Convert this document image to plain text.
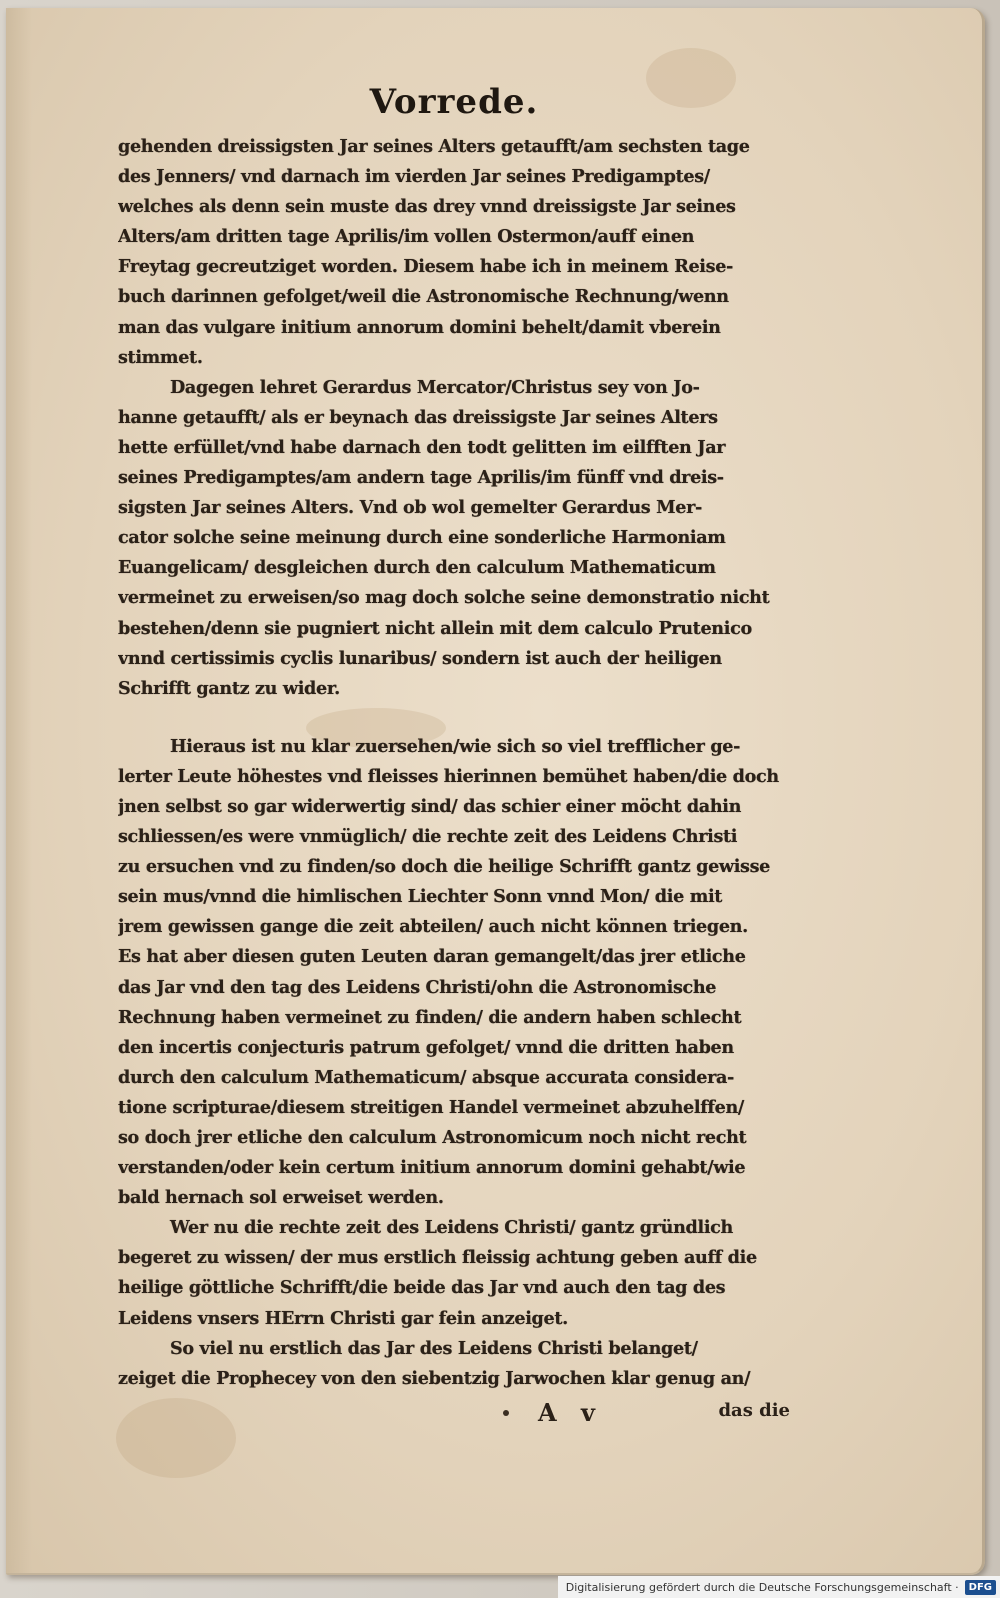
Vorrede.
gehenden dreissigsten Jar seines Alters getaufft/am sechsten tage
des Jenners/ vnd darnach im vierden Jar seines Predigamptes/
welches als denn sein muste das drey vnnd dreissigste Jar seines
Alters/am dritten tage Aprilis/im vollen Ostermon/auff einen
Freytag gecreutziget worden. Diesem habe ich in meinem Reise-
buch darinnen gefolget/weil die Astronomische Rechnung/wenn
man das vulgare initium annorum domini behelt/damit vberein
stimmet.
Dagegen lehret Gerardus Mercator/Christus sey von Jo-
hanne getaufft/ als er beynach das dreissigste Jar seines Alters
hette erfüllet/vnd habe darnach den todt gelitten im eilfften Jar
seines Predigamptes/am andern tage Aprilis/im fünff vnd dreis-
sigsten Jar seines Alters. Vnd ob wol gemelter Gerardus Mer-
cator solche seine meinung durch eine sonderliche Harmoniam
Euangelicam/ desgleichen durch den calculum Mathematicum
vermeinet zu erweisen/so mag doch solche seine demonstratio nicht
bestehen/denn sie pugniert nicht allein mit dem calculo Prutenico
vnnd certissimis cyclis lunaribus/ sondern ist auch der heiligen
Schrifft gantz zu wider.
Hieraus ist nu klar zuersehen/wie sich so viel trefflicher ge-
lerter Leute höhestes vnd fleisses hierinnen bemühet haben/die doch
jnen selbst so gar widerwertig sind/ das schier einer möcht dahin
schliessen/es were vnmüglich/ die rechte zeit des Leidens Christi
zu ersuchen vnd zu finden/so doch die heilige Schrifft gantz gewisse
sein mus/vnnd die himlischen Liechter Sonn vnnd Mon/ die mit
jrem gewissen gange die zeit abteilen/ auch nicht können triegen.
Es hat aber diesen guten Leuten daran gemangelt/das jrer etliche
das Jar vnd den tag des Leidens Christi/ohn die Astronomische
Rechnung haben vermeinet zu finden/ die andern haben schlecht
den incertis conjecturis patrum gefolget/ vnnd die dritten haben
durch den calculum Mathematicum/ absque accurata considera-
tione scripturae/diesem streitigen Handel vermeinet abzuhelffen/
so doch jrer etliche den calculum Astronomicum noch nicht recht
verstanden/oder kein certum initium annorum domini gehabt/wie
bald hernach sol erweiset werden.
Wer nu die rechte zeit des Leidens Christi/ gantz gründlich
begeret zu wissen/ der mus erstlich fleissig achtung geben auff die
heilige göttliche Schrifft/die beide das Jar vnd auch den tag des
Leidens vnsers HErrn Christi gar fein anzeiget.
So viel nu erstlich das Jar des Leidens Christi belanget/
zeiget die Prophecey von den siebentzig Jarwochen klar genug an/
A v	das die
Digitalisierung gefördert durch die Deutsche Forschungsgemeinschaft ·	DFG
